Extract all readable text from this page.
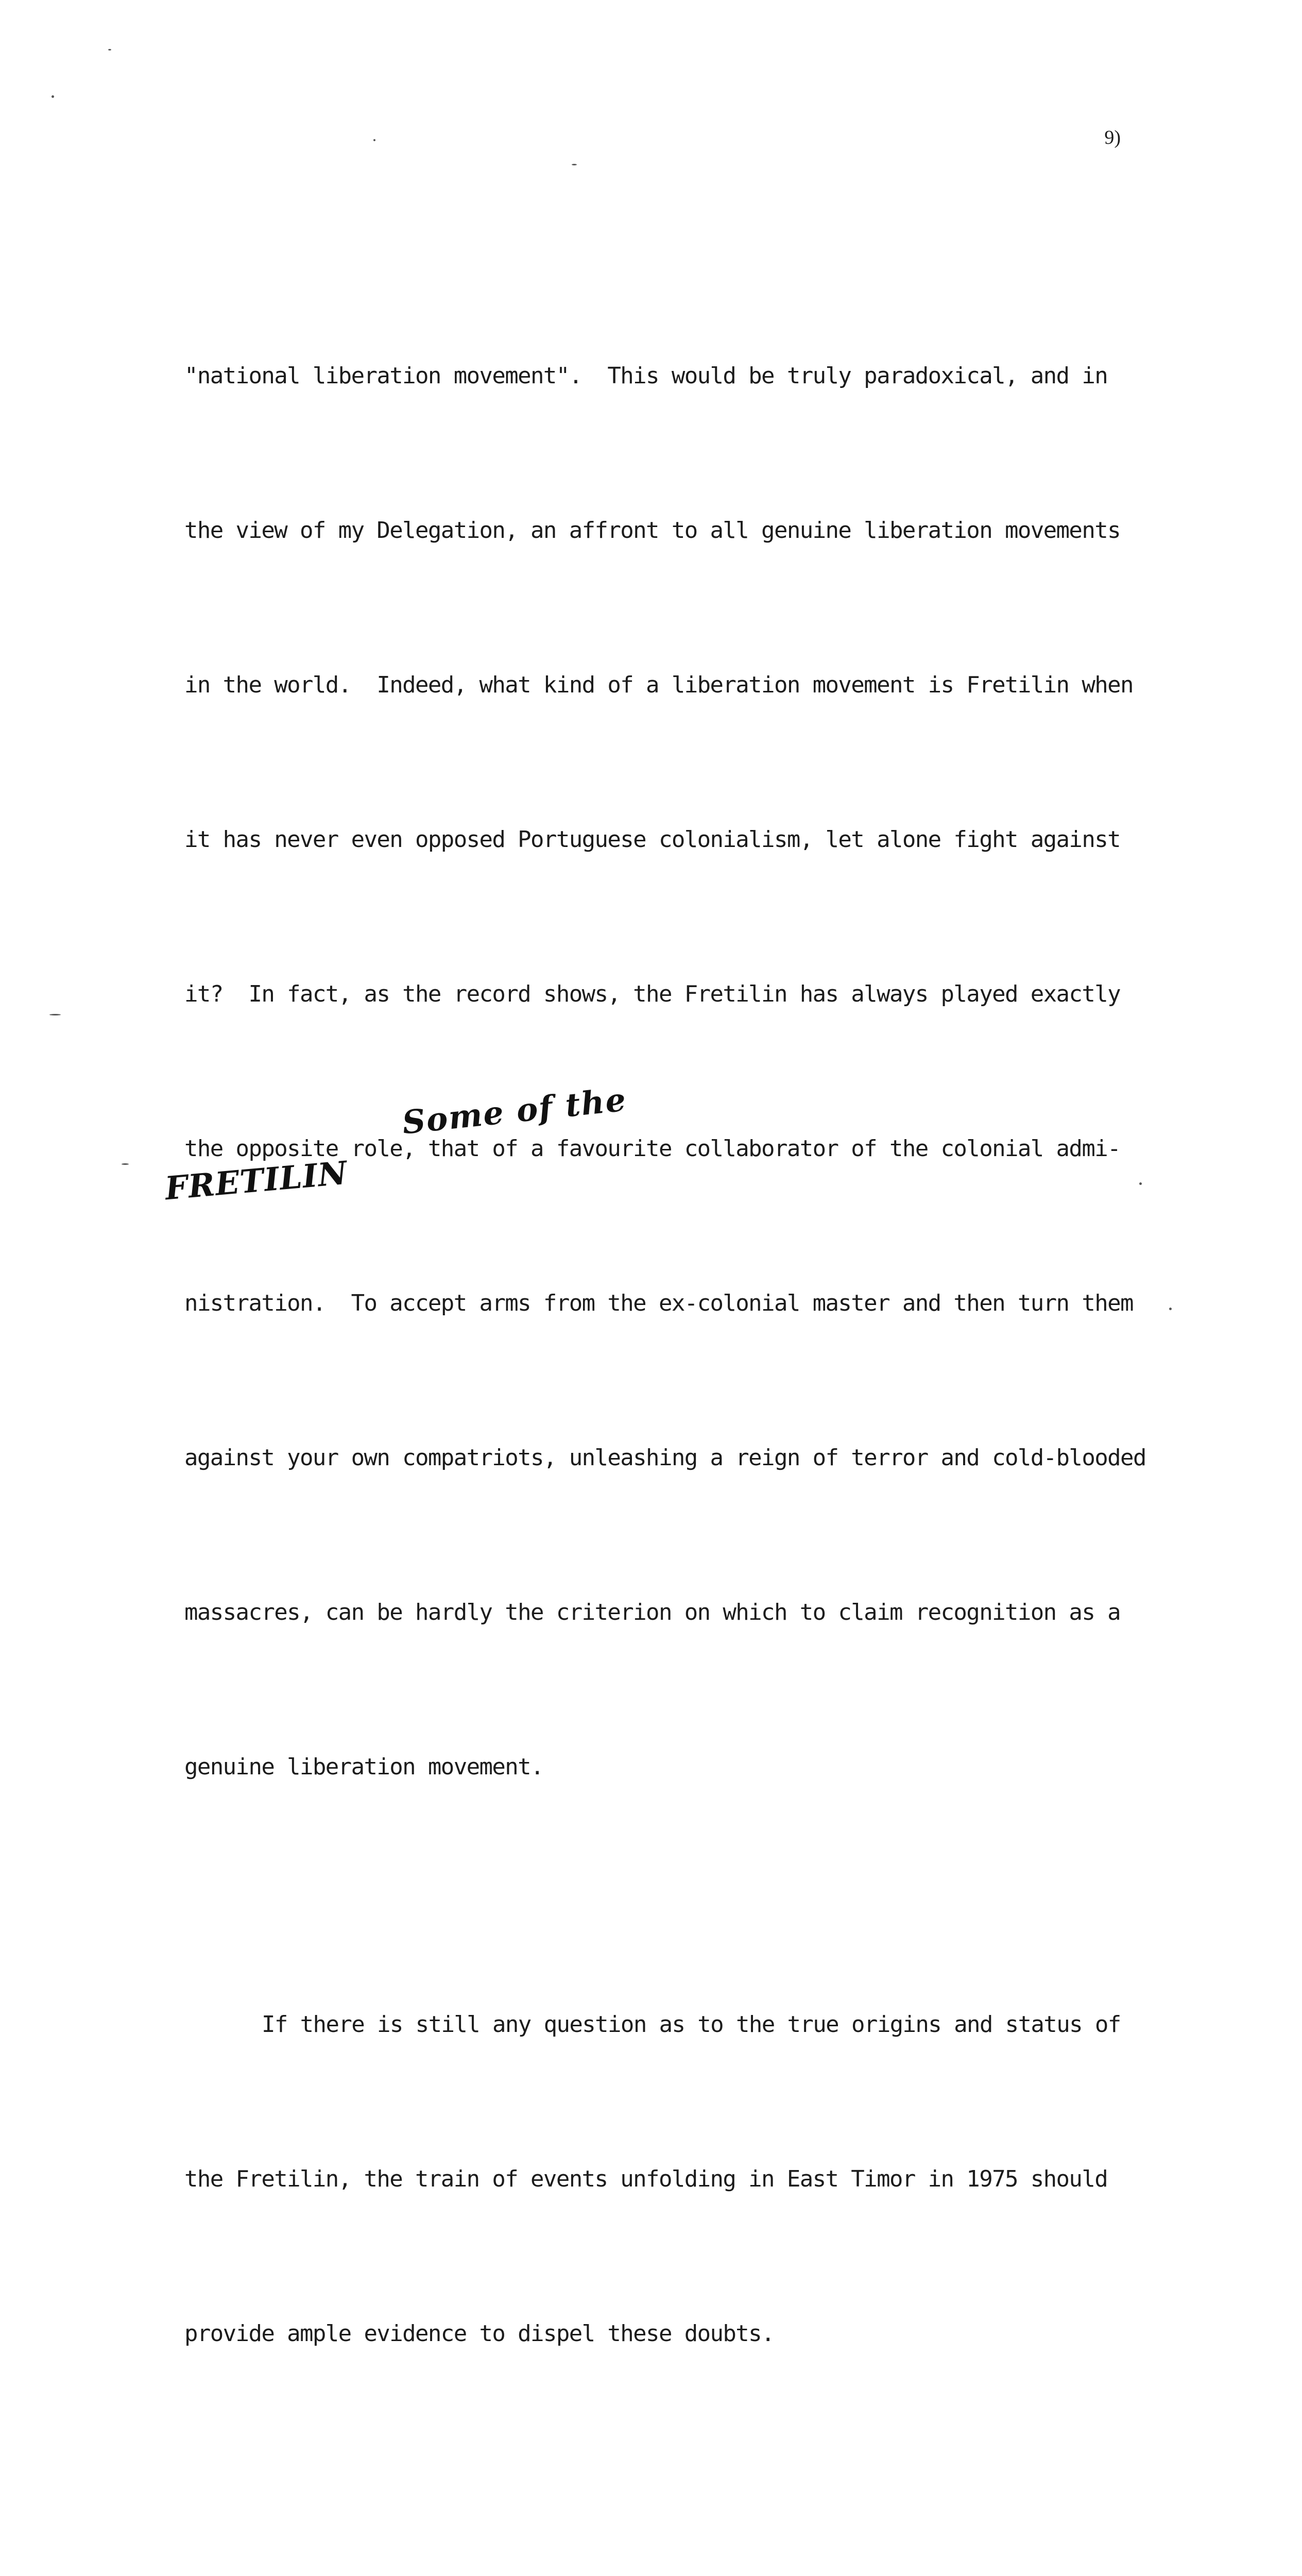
9)

"national liberation movement".  This would be truly paradoxical, and in

the view of my Delegation, an affront to all genuine liberation movements

in the world.  Indeed, what kind of a liberation movement is Fretilin when

it has never even opposed Portuguese colonialism, let alone fight against

it?  In fact, as the record shows, the Fretilin has always played exactly

the opposite role, that of a favourite collaborator of the colonial admi-

nistration.  To accept arms from the ex-colonial master and then turn them

against your own compatriots, unleashing a reign of terror and cold-blooded

massacres, can be hardly the criterion on which to claim recognition as a

genuine liberation movement.

If there is still any question as to the true origins and status of

the Fretilin, the train of events unfolding in East Timor in 1975 should

provide ample evidence to dispel these doubts.

Some of the
FRETILIN
